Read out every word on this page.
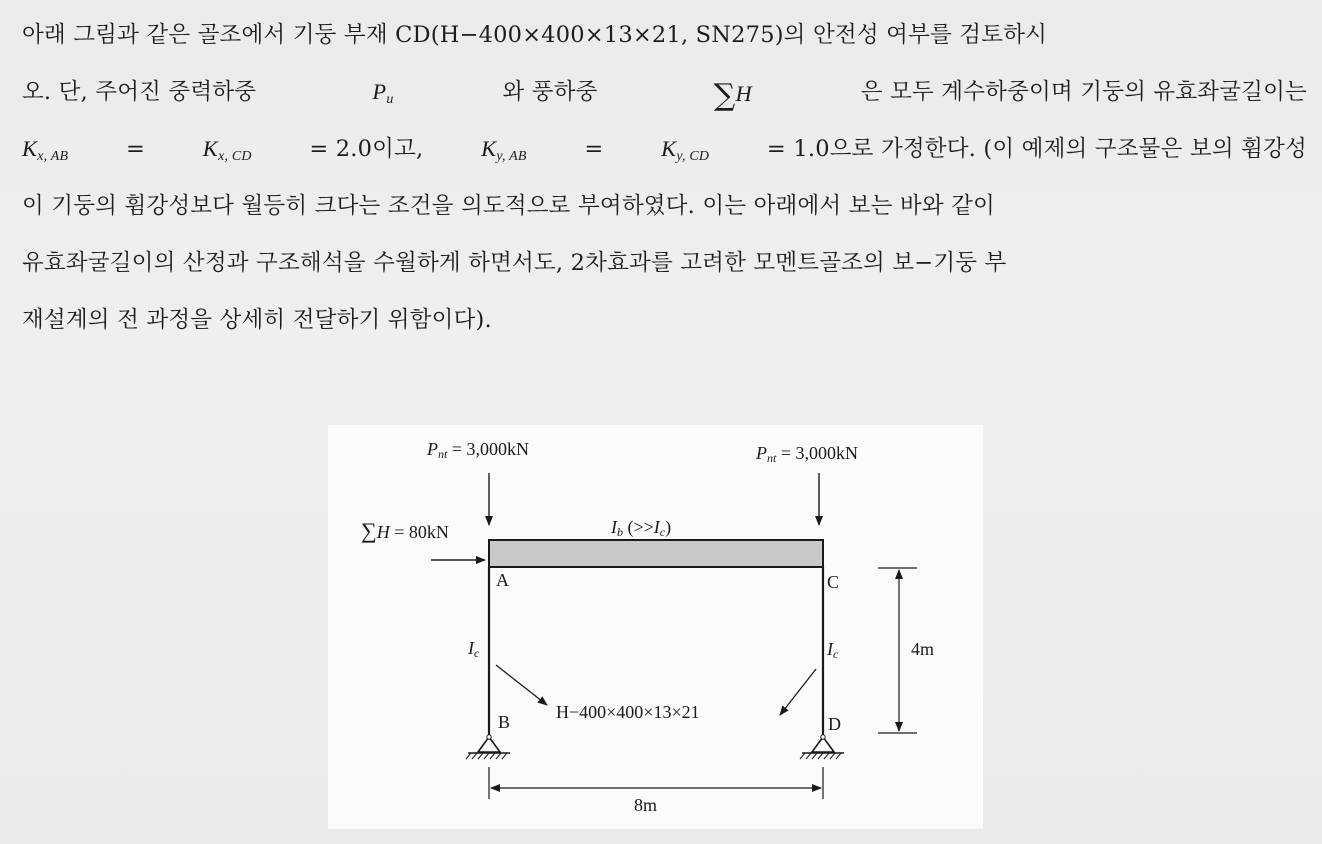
아래 그림과 같은 골조에서 기둥 부재 CD(H−400×400×13×21, SN275)의 안전성 여부를 검토하시
오. 단, 주어진 중력하중	$P_u$	와 풍하중	∑H	은 모두 계수하중이며 기둥의 유효좌굴길이는
$K_{x, AB} = K_{x, CD} = 2.0$이고, $K_{y, AB} = K_{y, CD} = 1.0$으로 가정한다. (이 예제의 구조물은 보의 휨강성
이 기둥의 휨강성보다 월등히 크다는 조건을 의도적으로 부여하였다. 이는 아래에서 보는 바와 같이
유효좌굴길이의 산정과 구조해석을 수월하게 하면서도, 2차효과를 고려한 모멘트골조의 보−기둥 부
재설계의 전 과정을 상세히 전달하기 위함이다).
$P_{nt} = 3,000kN$	$P_{nt} = 3,000kN$
∑H = 80kN	$I_b$ $(>>I_c)$
A	C
B	D
$I_c$	$I_c$
H−400×400×13×21
4m
8m
